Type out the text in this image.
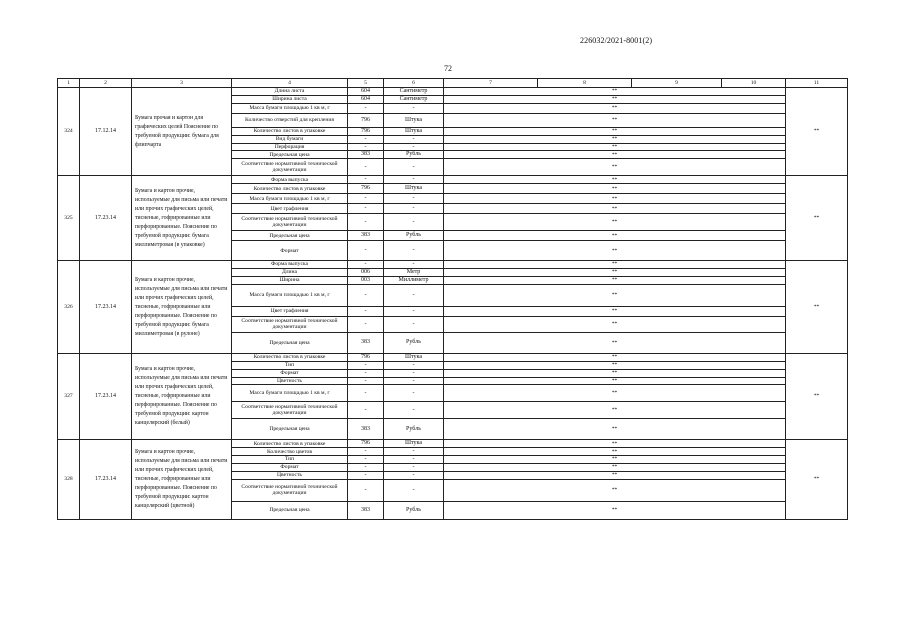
226032/2021-8001(2)
72
1	2	3	4	5	6	7	8	9	10	11
324	17.12.14	Бумага прочая и картон для графических целей Пояснение по требуемой продукции: бумага для флипчарта	Длина листа	604	Сантиметр	**				**
			Ширина листа	604	Сантиметр	**				
			Масса бумаги площадью 1 кв м, г	-	-	**				
			Количество отверстий для крепления	796	Штука	**				
			Количество листов в упаковке	796	Штука	**				
			Вид бумаги	-	-	**				
			Перфорация	-	-	**				
			Предельная цена	383	Рубль	**				
			Соответствие нормативной технической документации	-	-	**				
325	17.23.14	Бумага и картон прочие, используемые для письма или печати или прочих графических целей, тисненые, гофрированные или перфорированные. Пояснение по требуемой продукции: бумага миллиметровая (в упаковке)	Форма выпуска	-	-	**				**
			Количество листов в упаковке	796	Штука	**				
			Масса бумаги площадью 1 кв м, г	-	-	**				
			Цвет графления	-	-	**				
			Соответствие нормативной технической документации	-	-	**				
			Предельная цена	383	Рубль	**				
			Формат	-	-	**				
326	17.23.14	Бумага и картон прочие, используемые для письма или печати или прочих графических целей, тисненые, гофрированные или перфорированные. Пояснение по требуемой продукции: бумага миллиметровая (в рулоне)	Форма выпуска	-	-	**				**
			Длина	006	Метр	**				
			Ширина	003	Миллиметр	**				
			Масса бумаги площадью 1 кв м, г	-	-	**				
			Цвет графления	-	-	**				
			Соответствие нормативной технической документации	-	-	**				
			Предельная цена	383	Рубль	**				
327	17.23.14	Бумага и картон прочие, используемые для письма или печати или прочих графических целей, тисненые, гофрированные или перфорированные. Пояснение по требуемой продукции: картон канцелярский (белый)	Количество листов в упаковке	796	Штука	**				**
			Тип	-	-	**				
			Формат	-	-	**				
			Цветность	-	-	**				
			Масса бумаги площадью 1 кв м, г	-	-	**				
			Соответствие нормативной технической документации	-	-	**				
			Предельная цена	383	Рубль	**				
328	17.23.14	Бумага и картон прочие, используемые для письма или печати или прочих графических целей, тисненые, гофрированные или перфорированные. Пояснение по требуемой продукции: картон канцелярский (цветной)	Количество листов в упаковке	796	Штука	**				**
			Количество цветов	-	-	**				
			Тип	-	-	**				
			Формат	-	-	**				
			Цветность	-	-	**				
			Соответствие нормативной технической документации	-	-	**				
			Предельная цена	383	Рубль	**				
